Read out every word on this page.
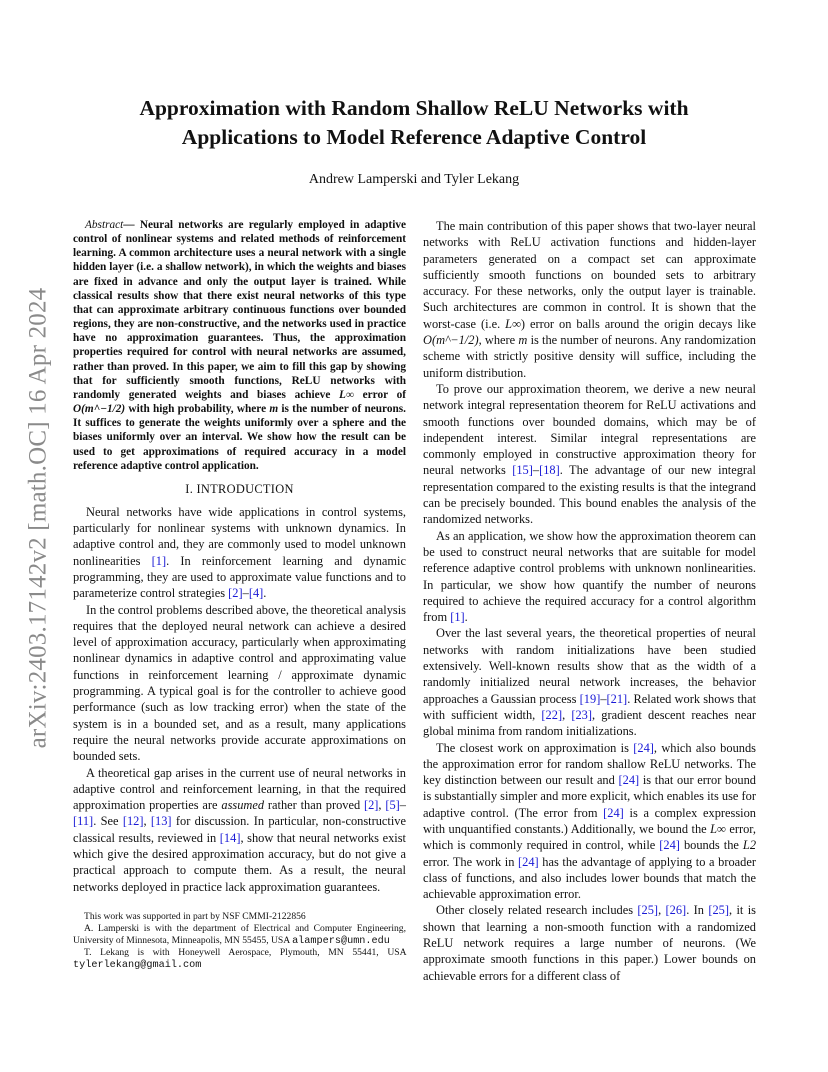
arXiv:2403.17142v2 [math.OC] 16 Apr 2024
Approximation with Random Shallow ReLU Networks with
Applications to Model Reference Adaptive Control
Andrew Lamperski and Tyler Lekang

Abstract— Neural networks are regularly employed in adaptive control of nonlinear systems and related methods of reinforcement learning. A common architecture uses a neural network with a single hidden layer (i.e. a shallow network), in which the weights and biases are fixed in advance and only the output layer is trained. While classical results show that there exist neural networks of this type that can approximate arbitrary continuous functions over bounded regions, they are non-constructive, and the networks used in practice have no approximation guarantees. Thus, the approximation properties required for control with neural networks are assumed, rather than proved. In this paper, we aim to fill this gap by showing that for sufficiently smooth functions, ReLU networks with randomly generated weights and biases achieve L∞ error of O(m^−1/2) with high probability, where m is the number of neurons. It suffices to generate the weights uniformly over a sphere and the biases uniformly over an interval. We show how the result can be used to get approximations of required accuracy in a model reference adaptive control application.

I. INTRODUCTION

Neural networks have wide applications in control systems, particularly for nonlinear systems with unknown dynamics. In adaptive control and, they are commonly used to model unknown nonlinearities [1]. In reinforcement learning and dynamic programming, they are used to approximate value functions and to parameterize control strategies [2]–[4].

In the control problems described above, the theoretical analysis requires that the deployed neural network can achieve a desired level of approximation accuracy, particularly when approximating nonlinear dynamics in adaptive control and approximating value functions in reinforcement learning / approximate dynamic programming. A typical goal is for the controller to achieve good performance (such as low tracking error) when the state of the system is in a bounded set, and as a result, many applications require the neural networks provide accurate approximations on bounded sets.

A theoretical gap arises in the current use of neural networks in adaptive control and reinforcement learning, in that the required approximation properties are assumed rather than proved [2], [5]–[11]. See [12], [13] for discussion. In particular, non-constructive classical results, reviewed in [14], show that neural networks exist which give the desired approximation accuracy, but do not give a practical approach to compute them. As a result, the neural networks deployed in practice lack approximation guarantees.

This work was supported in part by NSF CMMI-2122856

A. Lamperski is with the department of Electrical and Computer Engineering, University of Minnesota, Minneapolis, MN 55455, USA alampers@umn.edu

T. Lekang is with Honeywell Aerospace, Plymouth, MN 55441, USA tylerlekang@gmail.com

The main contribution of this paper shows that two-layer neural networks with ReLU activation functions and hidden-layer parameters generated on a compact set can approximate sufficiently smooth functions on bounded sets to arbitrary accuracy. For these networks, only the output layer is trainable. Such architectures are common in control. It is shown that the worst-case (i.e. L∞) error on balls around the origin decays like O(m^−1/2), where m is the number of neurons. Any randomization scheme with strictly positive density will suffice, including the uniform distribution.

To prove our approximation theorem, we derive a new neural network integral representation theorem for ReLU activations and smooth functions over bounded domains, which may be of independent interest. Similar integral representations are commonly employed in constructive approximation theory for neural networks [15]–[18]. The advantage of our new integral representation compared to the existing results is that the integrand can be precisely bounded. This bound enables the analysis of the randomized networks.

As an application, we show how the approximation theorem can be used to construct neural networks that are suitable for model reference adaptive control problems with unknown nonlinearities. In particular, we show how quantify the number of neurons required to achieve the required accuracy for a control algorithm from [1].

Over the last several years, the theoretical properties of neural networks with random initializations have been studied extensively. Well-known results show that as the width of a randomly initialized neural network increases, the behavior approaches a Gaussian process [19]–[21]. Related work shows that with sufficient width, [22], [23], gradient descent reaches near global minima from random initializations.

The closest work on approximation is [24], which also bounds the approximation error for random shallow ReLU networks. The key distinction between our result and [24] is that our error bound is substantially simpler and more explicit, which enables its use for adaptive control. (The error from [24] is a complex expression with unquantified constants.) Additionally, we bound the L∞ error, which is commonly required in control, while [24] bounds the L2 error. The work in [24] has the advantage of applying to a broader class of functions, and also includes lower bounds that match the achievable approximation error.

Other closely related research includes [25], [26]. In [25], it is shown that learning a non-smooth function with a randomized ReLU network requires a large number of neurons. (We approximate smooth functions in this paper.) Lower bounds on achievable errors for a different class of
